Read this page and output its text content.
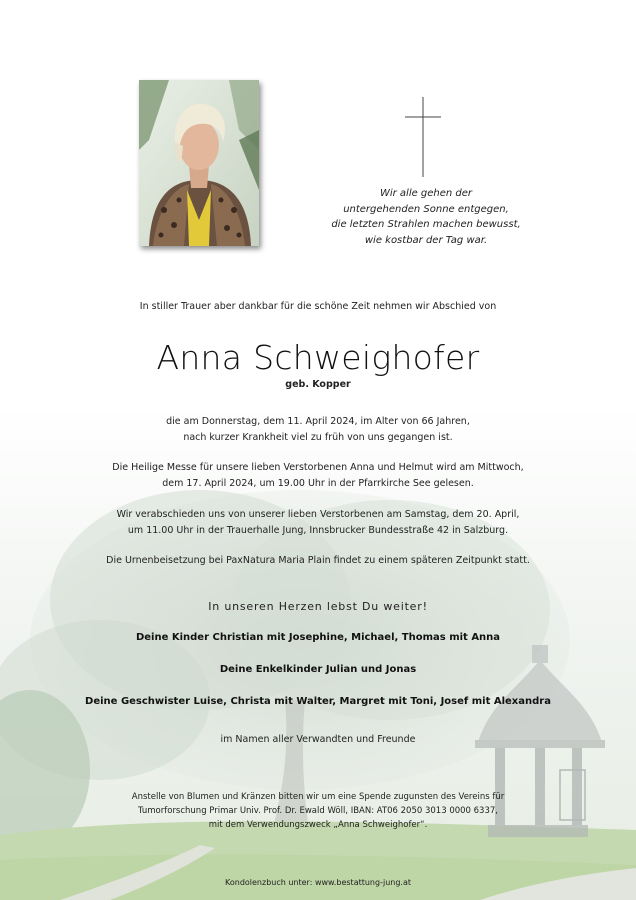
Wir alle gehen der
untergehenden Sonne entgegen,
die letzten Strahlen machen bewusst,
wie kostbar der Tag war.
In stiller Trauer aber dankbar für die schöne Zeit nehmen wir Abschied von
Anna Schweighofer
geb. Kopper
die am Donnerstag, dem 11. April 2024, im Alter von 66 Jahren,
nach kurzer Krankheit viel zu früh von uns gegangen ist.
Die Heilige Messe für unsere lieben Verstorbenen Anna und Helmut wird am Mittwoch,
dem 17. April 2024, um 19.00 Uhr in der Pfarrkirche See gelesen.
Wir verabschieden uns von unserer lieben Verstorbenen am Samstag, dem 20. April,
um 11.00 Uhr in der Trauerhalle Jung, Innsbrucker Bundesstraße 42 in Salzburg.
Die Urnenbeisetzung bei PaxNatura Maria Plain findet zu einem späteren Zeitpunkt statt.
In unseren Herzen lebst Du weiter!
Deine Kinder Christian mit Josephine, Michael, Thomas mit Anna
Deine Enkelkinder Julian und Jonas
Deine Geschwister Luise, Christa mit Walter, Margret mit Toni, Josef mit Alexandra
im Namen aller Verwandten und Freunde
Anstelle von Blumen und Kränzen bitten wir um eine Spende zugunsten des Vereins für
Tumorforschung Primar Univ. Prof. Dr. Ewald Wöll, IBAN: AT06 2050 3013 0000 6337,
mit dem Verwendungszweck „Anna Schweighofer“.
Kondolenzbuch unter: www.bestattung-jung.at
